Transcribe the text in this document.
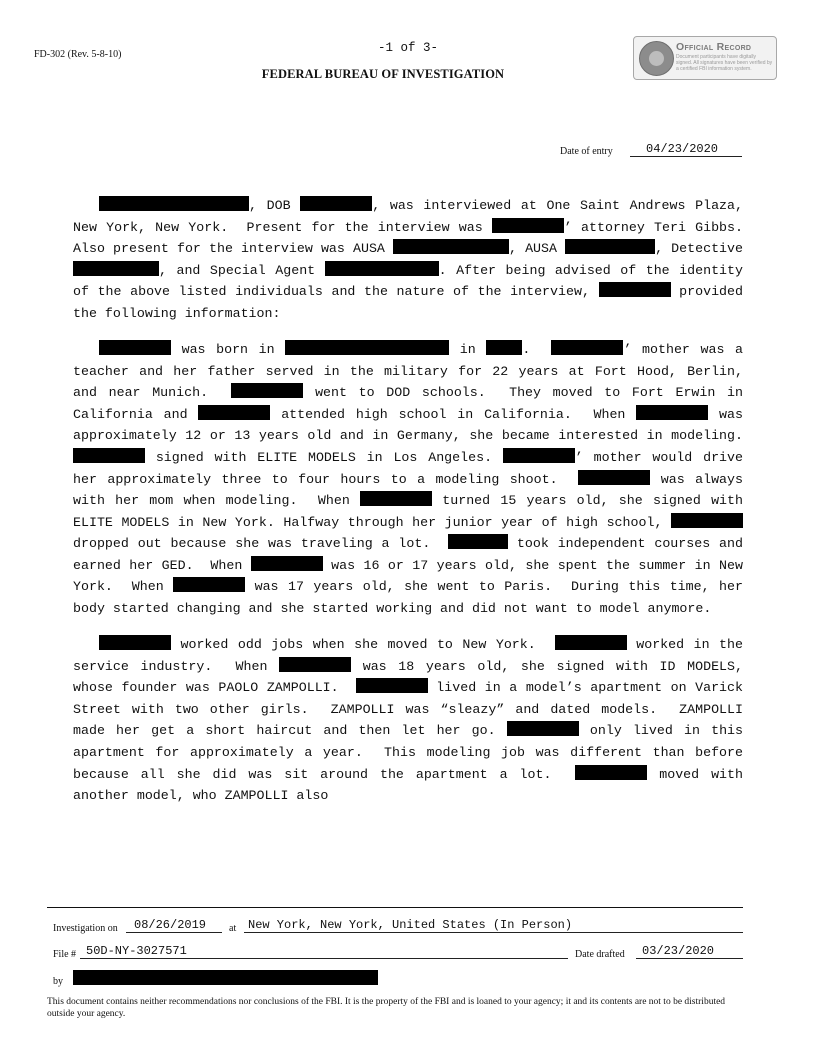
FD-302 (Rev. 5-8-10)	-1 of 3-
FEDERAL BUREAU OF INVESTIGATION
Official Record
Document participants have digitally signed. All signatures have been verified by a certified FBI information system.
Date of entry	04/23/2020

, DOB	, was interviewed at One Saint Andrews Plaza, New York, New York.  Present for the interview was	’ attorney Teri Gibbs. Also present for the interview was AUSA	, AUSA	, Detective , and Special Agent	. After being advised of the identity of the above listed individuals and the nature of the interview,	provided the following information:

was born in	in	.	’ mother was a teacher and her father served in the military for 22 years at Fort Hood, Berlin, and near Munich.	went to DOD schools.  They moved to Fort Erwin in California and	attended high school in California.  When	was approximately 12 or 13 years old and in Germany, she became interested in modeling.   signed with ELITE MODELS in Los Angeles.	’ mother would drive her approximately three to four hours to a modeling shoot.	was always with her mom when modeling.  When	turned 15 years old, she signed with ELITE MODELS in New York. Halfway through her junior year of high school,	dropped out because she was traveling a lot.	took independent courses and earned her GED.  When	was 16 or 17 years old, she spent the summer in New York.  When	was 17 years old, she went to Paris.  During this time, her body started changing and she started working and did not want to model anymore.

worked odd jobs when she moved to New York.	worked in the service industry.  When	was 18 years old, she signed with ID MODELS, whose founder was PAOLO ZAMPOLLI.	lived in a model’s apartment on Varick Street with two other girls.  ZAMPOLLI was “sleazy” and dated models.  ZAMPOLLI made her get a short haircut and then let her go.	only lived in this apartment for approximately a year.  This modeling job was different than before because all she did was sit around the apartment a lot.	moved with another model, who ZAMPOLLI also

Investigation on	08/26/2019	at New York, New York, United States (In Person)
File # 50D-NY-3027571	Date drafted	03/23/2020
by
This document contains neither recommendations nor conclusions of the FBI. It is the property of the FBI and is loaned to your agency; it and its contents are not to be distributed outside your agency.
